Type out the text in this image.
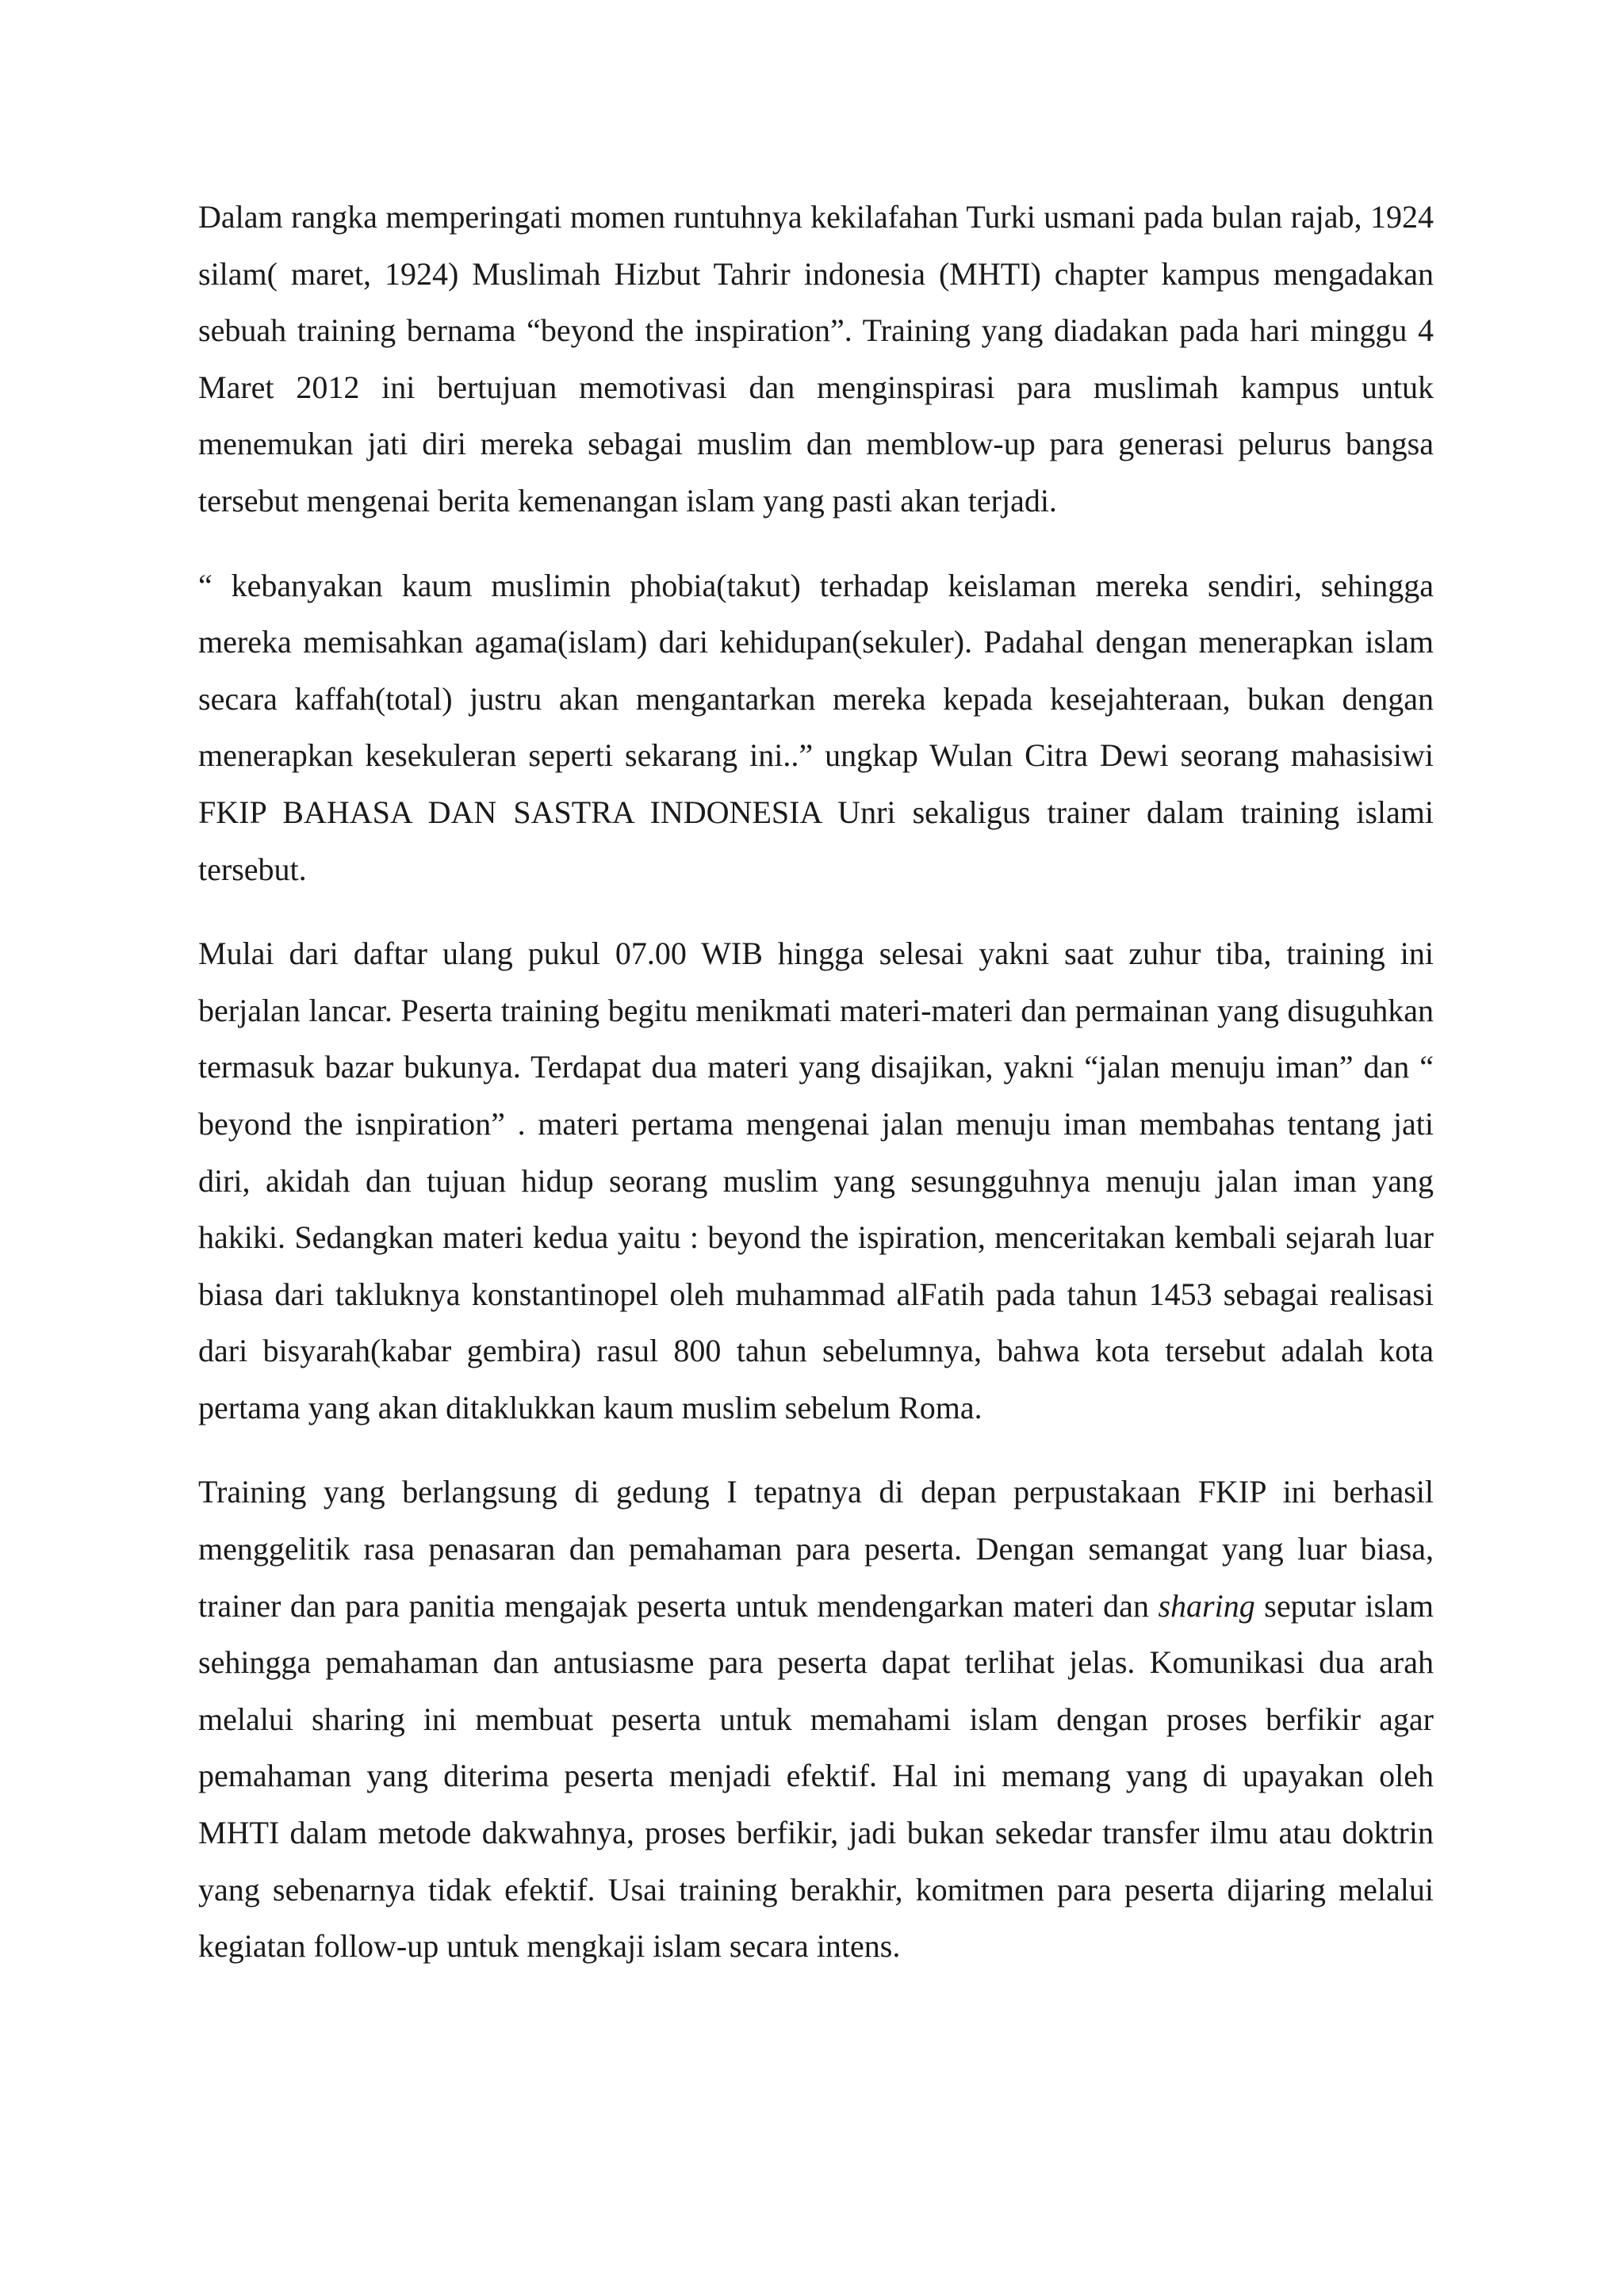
Dalam rangka memperingati momen runtuhnya kekilafahan Turki usmani pada bulan rajab, 1924 silam( maret, 1924) Muslimah Hizbut Tahrir indonesia (MHTI) chapter kampus mengadakan sebuah training bernama “beyond the inspiration”. Training yang diadakan pada hari minggu 4 Maret 2012 ini bertujuan memotivasi dan menginspirasi para muslimah kampus untuk menemukan jati diri mereka sebagai muslim dan memblow-up para generasi pelurus bangsa tersebut mengenai berita kemenangan islam yang pasti akan terjadi.

“ kebanyakan kaum muslimin phobia(takut) terhadap keislaman mereka sendiri, sehingga mereka memisahkan agama(islam) dari kehidupan(sekuler). Padahal dengan menerapkan islam secara kaffah(total) justru akan mengantarkan mereka kepada kesejahteraan, bukan dengan menerapkan kesekuleran seperti sekarang ini..” ungkap Wulan Citra Dewi seorang mahasisiwi FKIP BAHASA DAN SASTRA INDONESIA Unri sekaligus trainer dalam training islami tersebut.

Mulai dari daftar ulang pukul 07.00 WIB hingga selesai yakni saat zuhur tiba, training ini berjalan lancar. Peserta training begitu menikmati materi-materi dan permainan yang disuguhkan termasuk bazar bukunya. Terdapat dua materi yang disajikan, yakni “jalan menuju iman” dan “ beyond the isnpiration” . materi pertama mengenai jalan menuju iman membahas tentang jati diri, akidah dan tujuan hidup seorang muslim yang sesungguhnya menuju jalan iman yang hakiki. Sedangkan materi kedua yaitu : beyond the ispiration, menceritakan kembali sejarah luar biasa dari takluknya konstantinopel oleh muhammad alFatih pada tahun 1453 sebagai realisasi dari bisyarah(kabar gembira) rasul 800 tahun sebelumnya, bahwa kota tersebut adalah kota pertama yang akan ditaklukkan kaum muslim sebelum Roma.

Training yang berlangsung di gedung I tepatnya di depan perpustakaan FKIP ini berhasil menggelitik rasa penasaran dan pemahaman para peserta. Dengan semangat yang luar biasa, trainer dan para panitia mengajak peserta untuk mendengarkan materi dan sharing seputar islam sehingga pemahaman dan antusiasme para peserta dapat terlihat jelas. Komunikasi dua arah melalui sharing ini membuat peserta untuk memahami islam dengan proses berfikir agar pemahaman yang diterima peserta menjadi efektif. Hal ini memang yang di upayakan oleh MHTI dalam metode dakwahnya, proses berfikir, jadi bukan sekedar transfer ilmu atau doktrin yang sebenarnya tidak efektif. Usai training berakhir, komitmen para peserta dijaring melalui kegiatan follow-up untuk mengkaji islam secara intens.
